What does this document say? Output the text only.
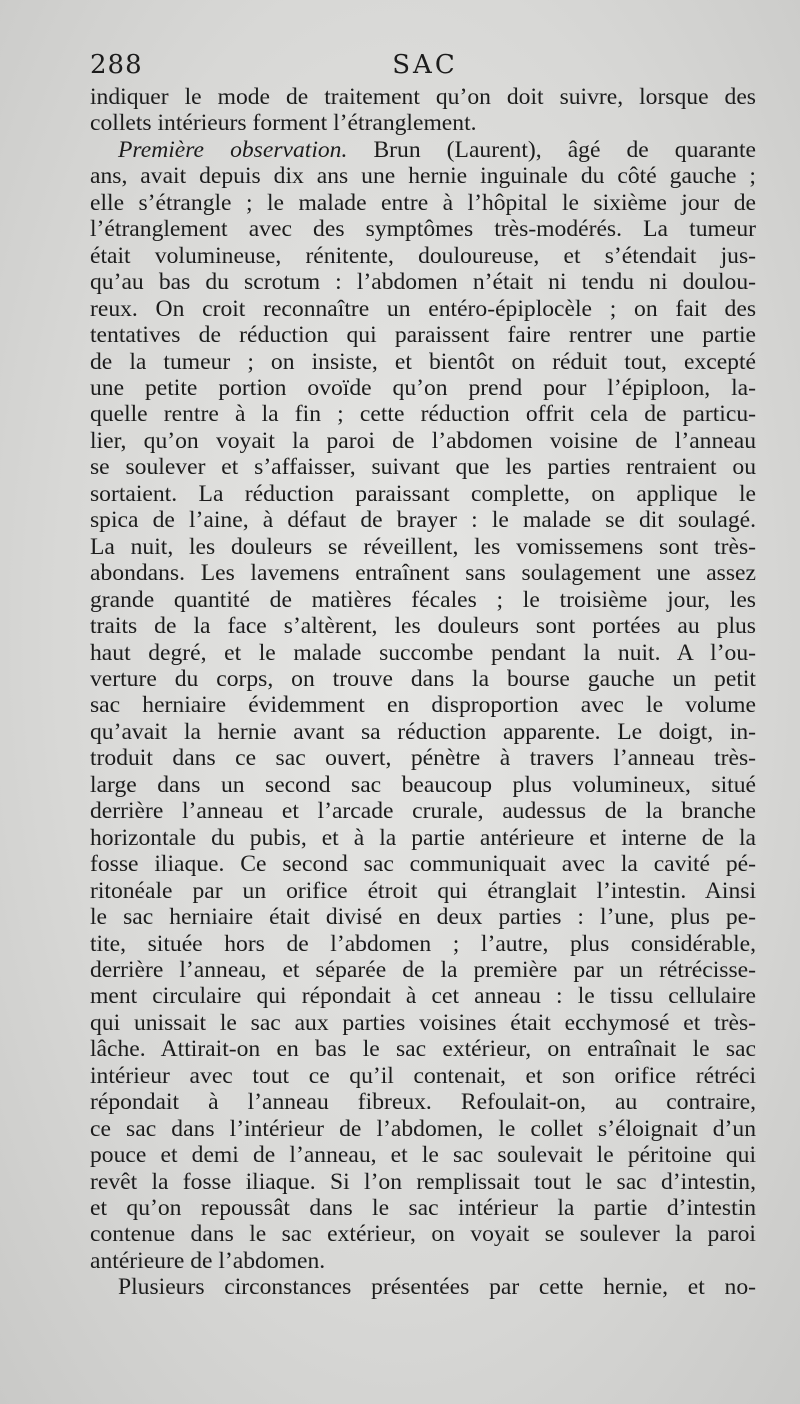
288	SAC
indiquer le mode de traitement qu’on doit suivre, lorsque des
collets intérieurs forment l’étranglement.
Première observation. Brun (Laurent), âgé de quarante
ans, avait depuis dix ans une hernie inguinale du côté gauche ;
elle s’étrangle ; le malade entre à l’hôpital le sixième jour de
l’étranglement avec des symptômes très-modérés. La tumeur
était volumineuse, rénitente, douloureuse, et s’étendait jus-
qu’au bas du scrotum : l’abdomen n’était ni tendu ni doulou-
reux. On croit reconnaître un entéro-épiplocèle ; on fait des
tentatives de réduction qui paraissent faire rentrer une partie
de la tumeur ; on insiste, et bientôt on réduit tout, excepté
une petite portion ovoïde qu’on prend pour l’épiploon, la-
quelle rentre à la fin ; cette réduction offrit cela de particu-
lier, qu’on voyait la paroi de l’abdomen voisine de l’anneau
se soulever et s’affaisser, suivant que les parties rentraient ou
sortaient. La réduction paraissant complette, on applique le
spica de l’aine, à défaut de brayer : le malade se dit soulagé.
La nuit, les douleurs se réveillent, les vomissemens sont très-
abondans. Les lavemens entraînent sans soulagement une assez
grande quantité de matières fécales ; le troisième jour, les
traits de la face s’altèrent, les douleurs sont portées au plus
haut degré, et le malade succombe pendant la nuit. A l’ou-
verture du corps, on trouve dans la bourse gauche un petit
sac herniaire évidemment en disproportion avec le volume
qu’avait la hernie avant sa réduction apparente. Le doigt, in-
troduit dans ce sac ouvert, pénètre à travers l’anneau très-
large dans un second sac beaucoup plus volumineux, situé
derrière l’anneau et l’arcade crurale, audessus de la branche
horizontale du pubis, et à la partie antérieure et interne de la
fosse iliaque. Ce second sac communiquait avec la cavité pé-
ritonéale par un orifice étroit qui étranglait l’intestin. Ainsi
le sac herniaire était divisé en deux parties : l’une, plus pe-
tite, située hors de l’abdomen ; l’autre, plus considérable,
derrière l’anneau, et séparée de la première par un rétrécisse-
ment circulaire qui répondait à cet anneau : le tissu cellulaire
qui unissait le sac aux parties voisines était ecchymosé et très-
lâche. Attirait-on en bas le sac extérieur, on entraînait le sac
intérieur avec tout ce qu’il contenait, et son orifice rétréci
répondait à l’anneau fibreux. Refoulait-on, au contraire,
ce sac dans l’intérieur de l’abdomen, le collet s’éloignait d’un
pouce et demi de l’anneau, et le sac soulevait le péritoine qui
revêt la fosse iliaque. Si l’on remplissait tout le sac d’intestin,
et qu’on repoussât dans le sac intérieur la partie d’intestin
contenue dans le sac extérieur, on voyait se soulever la paroi
antérieure de l’abdomen.
Plusieurs circonstances présentées par cette hernie, et no-
